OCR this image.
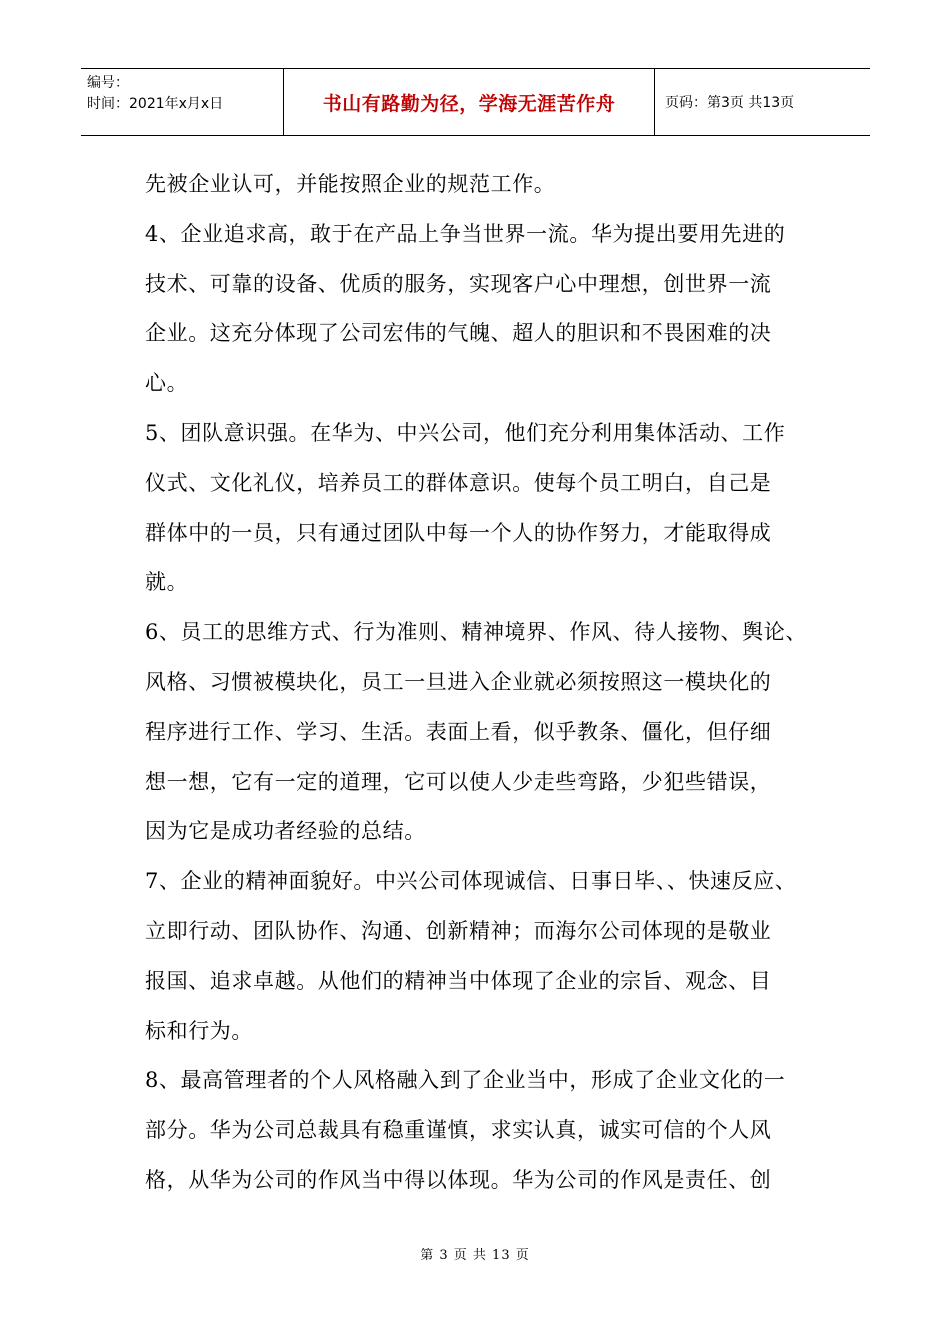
编号：
时间：2021年x月x日	书山有路勤为径，学海无涯苦作舟	页码：第3页 共13页
先被企业认可，并能按照企业的规范工作。
4、企业追求高，敢于在产品上争当世界一流。华为提出要用先进的
技术、可靠的设备、优质的服务，实现客户心中理想，创世界一流
企业。这充分体现了公司宏伟的气魄、超人的胆识和不畏困难的决
心。
5、团队意识强。在华为、中兴公司，他们充分利用集体活动、工作
仪式、文化礼仪，培养员工的群体意识。使每个员工明白，自己是
群体中的一员，只有通过团队中每一个人的协作努力，才能取得成
就。
6、员工的思维方式、行为准则、精神境界、作风、待人接物、舆论、
风格、习惯被模块化，员工一旦进入企业就必须按照这一模块化的
程序进行工作、学习、生活。表面上看，似乎教条、僵化，但仔细
想一想，它有一定的道理，它可以使人少走些弯路，少犯些错误，
因为它是成功者经验的总结。
7、企业的精神面貌好。中兴公司体现诚信、日事日毕、、快速反应、
立即行动、团队协作、沟通、创新精神；而海尔公司体现的是敬业
报国、追求卓越。从他们的精神当中体现了企业的宗旨、观念、目
标和行为。
8、最高管理者的个人风格融入到了企业当中，形成了企业文化的一
部分。华为公司总裁具有稳重谨慎，求实认真，诚实可信的个人风
格，从华为公司的作风当中得以体现。华为公司的作风是责任、创
第 3 页 共 13 页
